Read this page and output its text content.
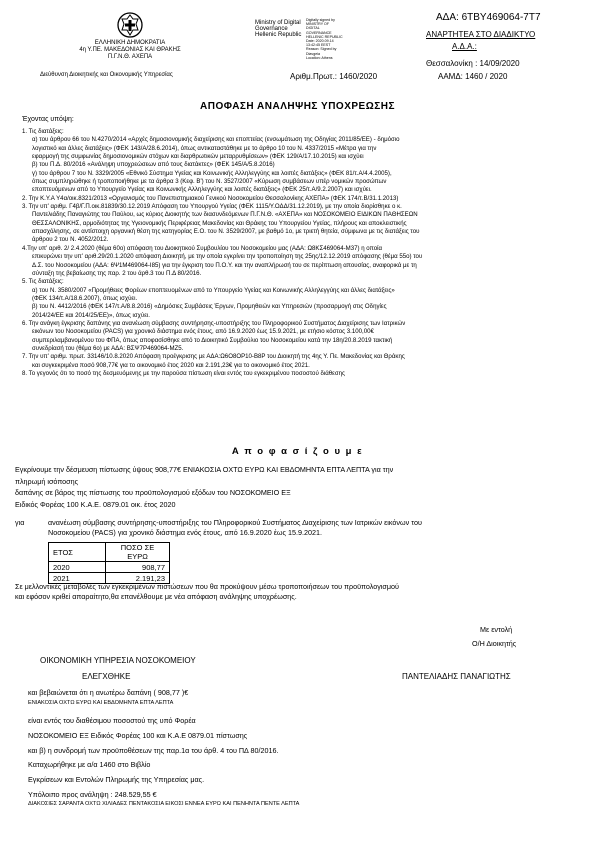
ΑΔΑ: 6ΤΒΥ469064-7Τ7
ΕΛΛΗΝΙΚΗ ΔΗΜΟΚΡΑΤΙΑ
4η Υ.ΠΕ. ΜΑΚΕΔΟΝΙΑΣ ΚΑΙ ΘΡΑΚΗΣ
Π.Γ.Ν.Θ. ΑΧΕΠΑ
Διεύθυνση Διοικητικής και Οικονομικής Υπηρεσίας
Ministry of Digital
Governance
Hellenic Republic
Digitally signed by
MINISTRY OF
DIGITAL
GOVERNANCE
HELLENIC REPUBLIC
Date: 2020.09.14
13:42:45 EEST
Reason: Signed by
Diavgeia
Location: Athens
ΑΝΑΡΤΗΤΕΑ ΣΤΟ ΔΙΑΔΙΚΤΥΟ
Α.Δ.Α.:
Θεσσαλονίκη : 14/09/2020
Αριθμ.Πρωτ.: 1460/2020	ΑΑΜΔ: 1460 / 2020
ΑΠΟΦΑΣΗ ΑΝΑΛΗΨΗΣ ΥΠΟΧΡΕΩΣΗΣ
Έχοντας υπόψη:
1. Τις διατάξεις:
α) του άρθρου 66 του Ν.4270/2014 «Αρχές δημοσιονομικής διαχείρισης και εποπτείας (ενσωμάτωση της Οδηγίας 2011/85/ΕΕ) - δημόσιο
λογιστικό και άλλες διατάξεις» (ΦΕΚ 143/Α/28.6.2014), όπως αντικαταστάθηκε με το άρθρο 10 του Ν. 4337/2015 «Μέτρα για την
εφαρμογή της συμφωνίας δημοσιονομικών στόχων και διαρθρωτικών μεταρρυθμίσεων» (ΦΕΚ 129/Α/17.10.2015) και ισχύει
β) του Π.Δ. 80/2016 «Ανάληψη υποχρεώσεων από τους διατάκτες» (ΦΕΚ 145/Α/5.8.2016)
γ) του άρθρου 7 του Ν. 3329/2005 «Εθνικό Σύστημα Υγείας και Κοινωνικής Αλληλεγγύης και λοιπές διατάξεις» (ΦΕΚ 81/τ.Α/4.4.2005),
όπως συμπληρώθηκε ή τροποποιήθηκε με τα άρθρα 3 (Κεφ. Β') του Ν. 3527/2007 «Κύρωση συμβάσεων υπέρ νομικών προσώπων
εποπτευόμενων από το Υπουργείο Υγείας και Κοινωνικής Αλληλεγγύης και λοιπές διατάξεις» (ΦΕΚ 25/τ.Α/9.2.2007) και ισχύει.
2. Την Κ.Υ.Α Υ4α/οικ.8321/2013 «Οργανισμός του Πανεπιστημιακού Γενικού Νοσοκομείου Θεσσαλονίκης ΑΧΕΠΑ» (ΦΕΚ 174/τ.Β/31.1.2013)
3. Την υπ' αριθμ. Γ4β/Γ.Π.οικ.81839/30.12.2019 Απόφαση του Υπουργού Υγείας (ΦΕΚ 1115/Υ.ΟΔΔ/31.12.2019), με την οποία διορίσθηκε ο κ.
Παντελιάδης Παναγιώτης του Παύλου, ως κύριος Διοικητής των διασυνδεόμενων Π.Γ.Ν.Θ. «ΑΧΕΠΑ» και ΝΟΣΟΚΟΜΕΙΟ ΕΙΔΙΚΩΝ ΠΑΘΗΣΕΩΝ
ΘΕΣΣΑΛΟΝΙΚΗΣ, αρμοδιότητας της Υγειονομικής Περιφέρειας Μακεδονίας και Θράκης του Υπουργείου Υγείας, πλήρους και αποκλειστικής
απασχόλησης, σε αντίστοιχη οργανική θέση της κατηγορίας Ε.Ο. του Ν. 3529/2007, με βαθμό 1ο, με τριετή θητεία, σύμφωνα με τις διατάξεις του
άρθρου 2 του Ν. 4052/2012.
4.Την υπ' αριθ. 2/ 2.4.2020 (θέμα 60ο) απόφαση του Διοικητικού Συμβουλίου του Νοσοκομείου μας (ΑΔΑ: Ω8ΚΣ469064-Μ37) η οποία
επικυρώνει την υπ' αριθ.29/20.1.2020 απόφαση Διοικητή, με την οποία εγκρίνει την τροποποίηση της 25ης/12.12.2019 απόφασης (θέμα 55ο) του
Δ.Σ. του Νοσοκομείου (ΑΔΑ: 6Ψ1Μ469064-Ι85) για την έγκριση του Π.Ο.Υ. και την αναπλήρωσή του σε περίπτωση απουσίας, αναφορικά με τη
σύνταξη της βεβαίωσης της παρ. 2 του άρθ.3 του Π.Δ 80/2016.
5. Τις διατάξεις:
α) του Ν. 3580/2007 «Προμήθειες Φορέων εποπτευομένων από το Υπουργείο Υγείας και Κοινωνικής Αλληλεγγύης και άλλες διατάξεις»
(ΦΕΚ 134/τ.Α/18.6.2007), όπως ισχύει.
β) του Ν. 4412/2016 (ΦΕΚ 147/τ.Α/8.8.2016) «Δημόσιες Συμβάσεις Έργων, Προμηθειών και Υπηρεσιών (προσαρμογή στις Οδηγίες
2014/24/ΕΕ και 2014/25/ΕΕ)», όπως ισχύει.
6. Την ανάγκη έγκρισης δαπάνης για ανανέωση σύμβασης συντήρησης-υποστήριξης του Πληροφορικού Συστήματος Διαχείρισης των Ιατρικών
εικόνων του Νοσοκομείου (PACS) για χρονικό διάστημα ενός έτους, από 16.9.2020 έως 15.9.2021, με ετήσιο κόστος 3.100,00€
συμπεριλαμβανομένου του ΦΠΑ, όπως αποφασίσθηκε από το Διοικητικό Συμβούλιο του Νοσοκομείου κατά την 18η/20.8.2019 τακτική
συνεδρίασή του (θέμα 6ο) με ΑΔΑ: ΒΣΨ7Ρ469064-ΜΖ5.
7. Την υπ' αριθμ. πρωτ. 33146/10.8.2020 Απόφαση προέγκρισης με ΑΔΑ:Ω6Ο8ΟΡ10-Β8Ρ του Διοικητή της 4ης Υ. Πε. Μακεδονίας και Θράκης
και συγκεκριμένα ποσό 908,77€ για το οικονομικό έτος 2020 και 2.191,23€ για το οικονομικό έτος 2021.
8. Το γεγονός ότι το ποσό της δεσμευόμενης με την παρούσα πίστωση είναι εντός του εγκεκριμένου ποσοστού διάθεσης
Α π ο φ α σ ί ζ ο υ μ ε
Εγκρίνουμε την δέσμευση πίστωσης ύψους 908,77€ ΕΝΙΑΚΟΣΙΑ ΟΧΤΩ ΕΥΡΩ ΚΑΙ ΕΒΔΟΜΗΝΤΑ ΕΠΤΑ ΛΕΠΤΑ για την
πληρωμή ισόποσης
δαπάνης σε βάρος της πίστωσης του προϋπολογισμού εξόδων του ΝΟΣΟΚΟΜΕΙΟ ΕΞ
Ειδικός Φορέας 100 Κ.Α.Ε. 0879.01 οικ. έτος 2020
για	ανανέωση σύμβασης συντήρησης-υποστήριξης του Πληροφορικού Συστήματος Διαχείρισης των Ιατρικών εικόνων του
Νοσοκομείου (PACS) για χρονικό διάστημα ενός έτους, από 16.9.2020 έως 15.9.2021.
ΕΤΟΣ	ΠΟΣΟ ΣΕ ΕΥΡΩ
2020	908,77
2021	2.191,23
Σε μελλοντικές μεταβολές των εγκεκριμένων πιστώσεων που θα προκύψουν μέσω τροποποιήσεων του προϋπολογισμού
και εφόσον κριθεί απαραίτητο,θα επανέλθουμε με νέα απόφαση ανάληψης υποχρέωσης.
Με εντολή
Ο/Η Διοικητής
ΟΙΚΟΝΟΜΙΚΗ ΥΠΗΡΕΣΙΑ ΝΟΣΟΚΟΜΕΙΟΥ
ΕΛΕΓΧΘΗΚΕ	ΠΑΝΤΕΛΙΑΔΗΣ ΠΑΝΑΓΙΩΤΗΣ
και βεβαιώνεται ότι η ανωτέρω δαπάνη ( 908,77 )€
ΕΝΙΑΚΟΣΙΑ ΟΧΤΩ ΕΥΡΩ ΚΑΙ ΕΒΔΟΜΗΝΤΑ ΕΠΤΑ ΛΕΠΤΑ
είναι εντός του διαθέσιμου ποσοστού της υπό Φορέα
ΝΟΣΟΚΟΜΕΙΟ ΕΞ Ειδικός Φορέας 100 και Κ.Α.Ε 0879.01 πίστωσης
και β) η συνδρομή των προϋποθέσεων της παρ.1α του άρθ. 4 του ΠΔ 80/2016.
Καταχωρήθηκε με α/α 1460 στο Βιβλίο
Εγκρίσεων και Εντολών Πληρωμής της Υπηρεσίας μας.
Υπόλοιπο προς ανάληψη : 248.529,55 €
ΔΙΑΚΟΣΙΕΣ ΣΑΡΑΝΤΑ ΟΧΤΩ ΧΙΛΙΑΔΕΣ ΠΕΝΤΑΚΟΣΙΑ ΕΙΚΟΣΙ ΕΝΝΕΑ ΕΥΡΩ ΚΑΙ ΠΕΝΗΝΤΑ ΠΕΝΤΕ ΛΕΠΤΑ
